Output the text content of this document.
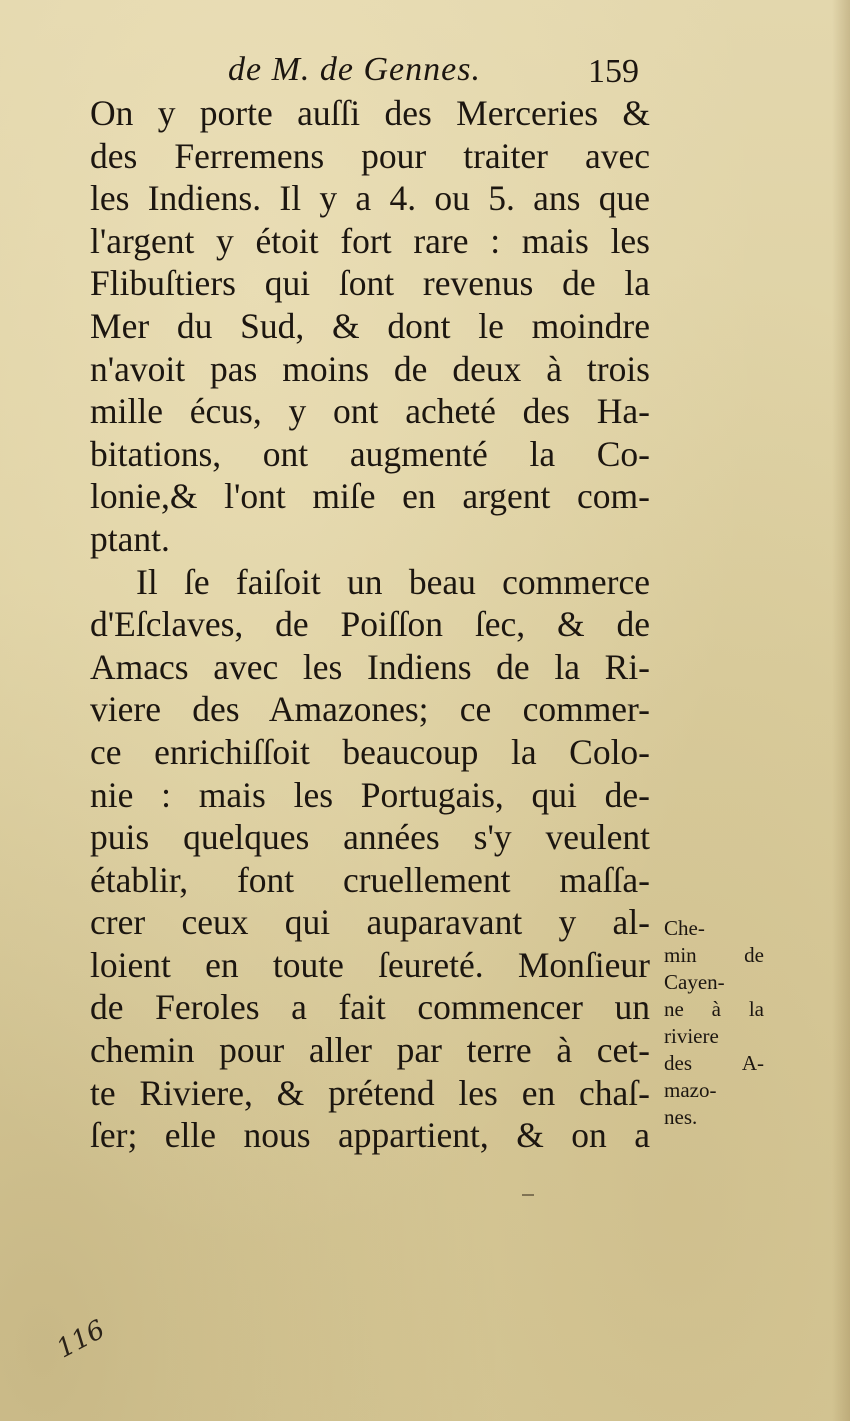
de M. de Gennes.	159
On y porte auſſi des Merceries &
des Ferremens pour traiter avec
les Indiens. Il y a 4. ou 5. ans que
l'argent y étoit fort rare : mais les
Flibuſtiers qui ſont revenus de la
Mer du Sud, & dont le moindre
n'avoit pas moins de deux à trois
mille écus, y ont acheté des Ha-
bitations, ont augmenté la Co-
lonie,& l'ont miſe en argent com-
ptant.
Il ſe faiſoit un beau commerce
d'Eſclaves, de Poiſſon ſec, & de
Amacs avec les Indiens de la Ri-
viere des Amazones; ce commer-
ce enrichiſſoit beaucoup la Colo-
nie : mais les Portugais, qui de-
puis quelques années s'y veulent
établir, font cruellement maſſa-
crer ceux qui auparavant y al-
loient en toute ſeureté. Monſieur
de Feroles a fait commencer un
chemin pour aller par terre à cet-
te Riviere, & prétend les en chaſ-
ſer; elle nous appartient, & on a
Che-
min de
Cayen-
ne à la
riviere
des A-
mazo-
nes.
116
